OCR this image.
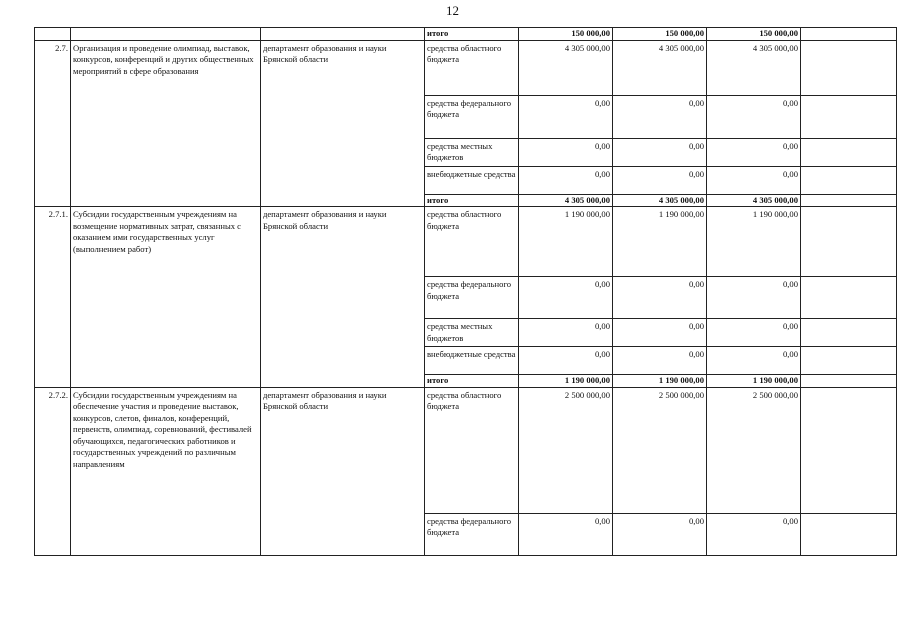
12
			итого	150 000,00	150 000,00	150 000,00	
2.7.	Организация и проведение олимпиад, выставок, конкурсов, конференций и других общественных мероприятий в сфере образования	департамент образования и науки Брянской области	средства областного бюджета	4 305 000,00	4 305 000,00	4 305 000,00	
			средства федерального бюджета	0,00	0,00	0,00	
			средства местных бюджетов	0,00	0,00	0,00	
			внебюджетные средства	0,00	0,00	0,00	
			итого	4 305 000,00	4 305 000,00	4 305 000,00	
2.7.1.	Субсидии государственным учреждениям на возмещение нормативных затрат, связанных с оказанием ими государственных услуг (выполнением работ)	департамент образования и науки Брянской области	средства областного бюджета	1 190 000,00	1 190 000,00	1 190 000,00	
			средства федерального бюджета	0,00	0,00	0,00	
			средства местных бюджетов	0,00	0,00	0,00	
			внебюджетные средства	0,00	0,00	0,00	
			итого	1 190 000,00	1 190 000,00	1 190 000,00	
2.7.2.	Субсидии государственным учреждениям на обеспечение участия и проведение выставок, конкурсов, слетов, финалов, конференций, первенств, олимпиад, соревнований, фестивалей обучающихся, педагогических работников и государственных учреждений по различным направлениям	департамент образования и науки Брянской области	средства областного бюджета	2 500 000,00	2 500 000,00	2 500 000,00	
			средства федерального бюджета	0,00	0,00	0,00	
